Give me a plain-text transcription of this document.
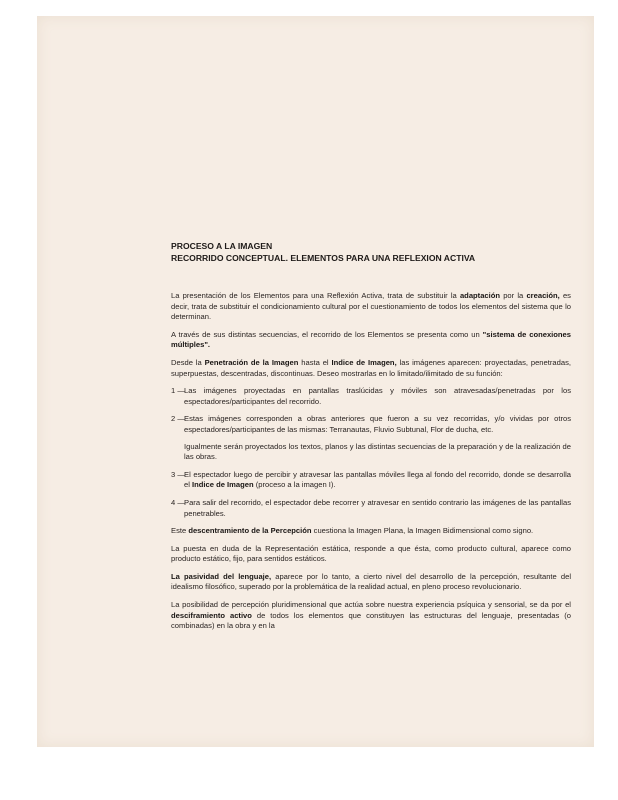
PROCESO A LA IMAGEN
RECORRIDO CONCEPTUAL. ELEMENTOS PARA UNA REFLEXION ACTIVA

La presentación de los Elementos para una Reflexión Activa, trata de substituir la adaptación por la creación, es decir, trata de substituir el condicionamiento cultural por el cuestionamiento de todos los elementos del sistema que lo determinan.

A través de sus distintas secuencias, el recorrido de los Elementos se presenta como un "sistema de conexiones múltiples".

Desde la Penetración de la Imagen hasta el Indice de Imagen, las imágenes aparecen: proyectadas, penetradas, superpuestas, descentradas, discontinuas. Deseo mostrarlas en lo limitado/ilimitado de su función:

1 — Las imágenes proyectadas en pantallas traslúcidas y móviles son atravesadas/penetradas por los espectadores/participantes del recorrido.

2 — Estas imágenes corresponden a obras anteriores que fueron a su vez recorridas, y/o vividas por otros espectadores/participantes de las mismas: Terranautas, Fluvio Subtunal, Flor de ducha, etc.

Igualmente serán proyectados los textos, planos y las distintas secuencias de la preparación y de la realización de las obras.

3 — El espectador luego de percibir y atravesar las pantallas móviles llega al fondo del recorrido, donde se desarrolla el Indice de Imagen (proceso a la imagen I).

4 — Para salir del recorrido, el espectador debe recorrer y atravesar en sentido contrario las imágenes de las pantallas penetrables.

Este descentramiento de la Percepción cuestiona la Imagen Plana, la Imagen Bidimensional como signo.

La puesta en duda de la Representación estática, responde a que ésta, como producto cultural, aparece como producto estático, fijo, para sentidos estáticos.

La pasividad del lenguaje, aparece por lo tanto, a cierto nivel del desarrollo de la percepción, resultante del idealismo filosófico, superado por la problemática de la realidad actual, en pleno proceso revolucionario.

La posibilidad de percepción pluridimensional que actúa sobre nuestra experiencia psíquica y sensorial, se da por el desciframiento activo de todos los elementos que constituyen las estructuras del lenguaje, presentadas (o combinadas) en la obra y en la
